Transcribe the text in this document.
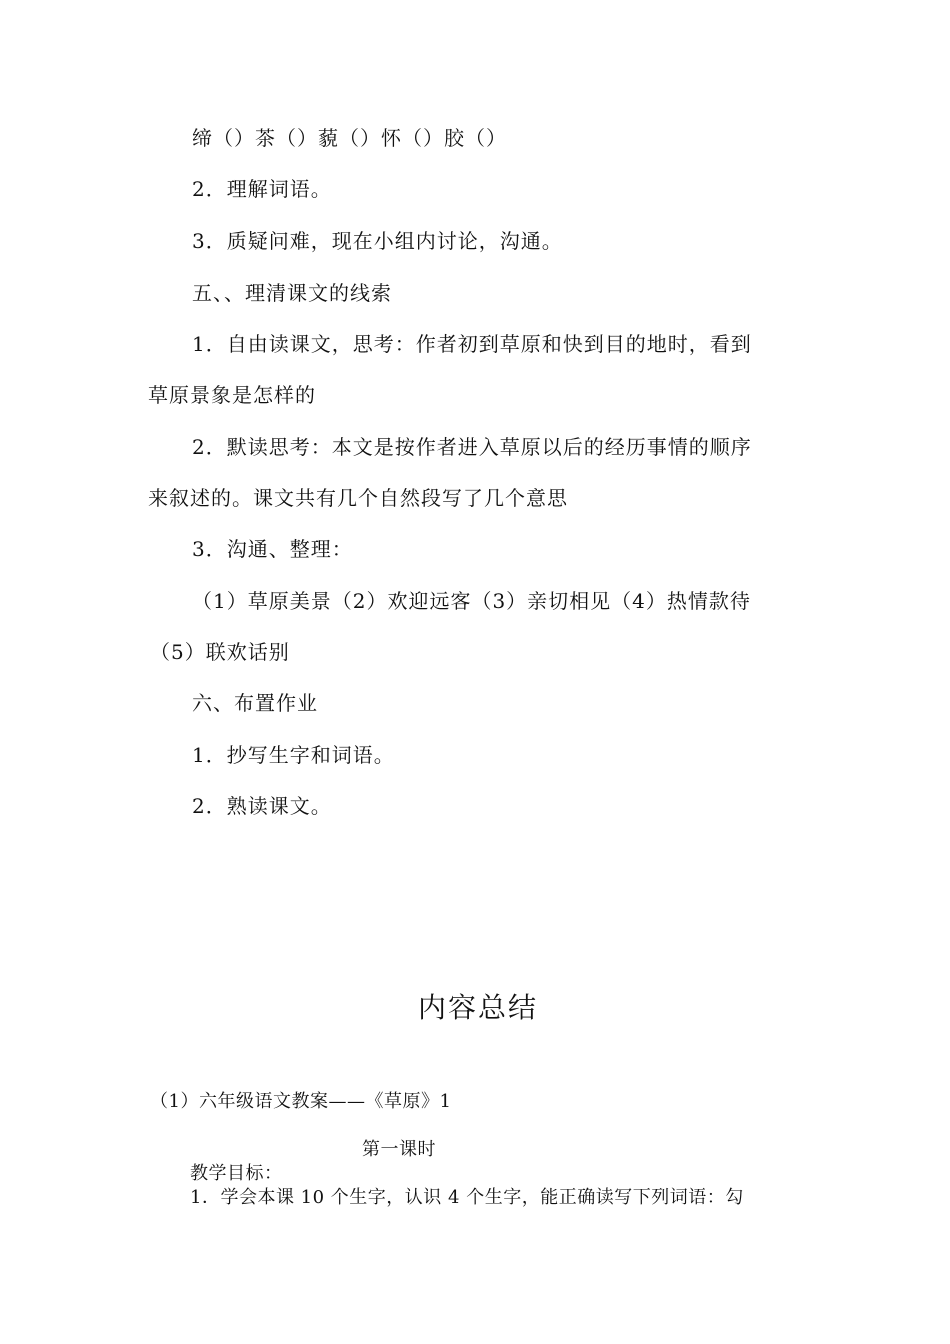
缔（）茶（）藐（）怀（）胶（）
2．理解词语。
3．质疑问难，现在小组内讨论，沟通。
五、、理清课文的线索
1．自由读课文，思考：作者初到草原和快到目的地时，看到
草原景象是怎样的
2．默读思考：本文是按作者进入草原以后的经历事情的顺序
来叙述的。课文共有几个自然段写了几个意思
3．沟通、整理：
（1）草原美景（2）欢迎远客（3）亲切相见（4）热情款待
（5）联欢话别
六、布置作业
1．抄写生字和词语。
2．熟读课文。
内容总结
（1）六年级语文教案——《草原》1
第一课时
教学目标：
1．学会本课 10 个生字，认识 4 个生字，能正确读写下列词语：勾
